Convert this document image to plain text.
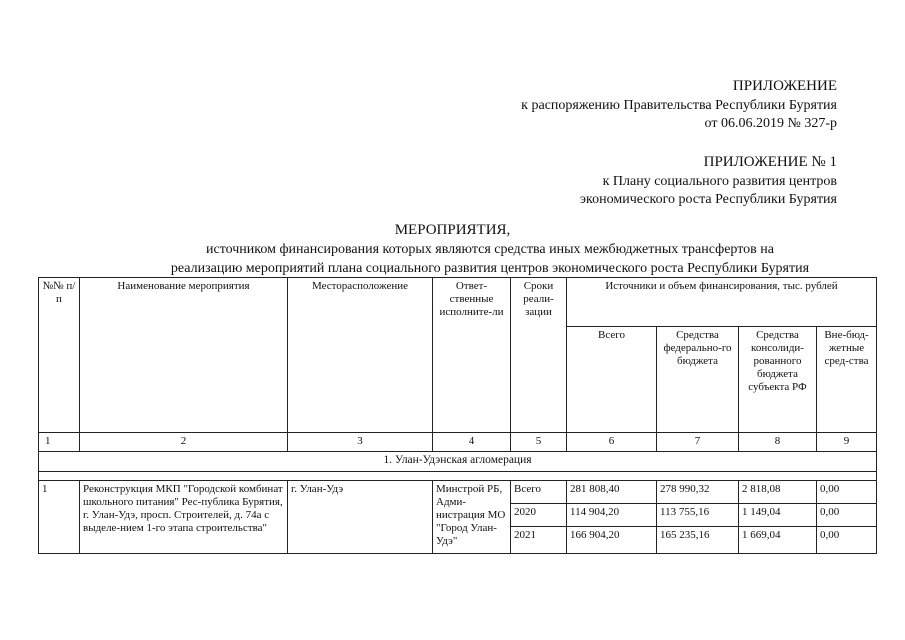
ПРИЛОЖЕНИЕ
к распоряжению Правительства Республики Бурятия
от 06.06.2019 № 327-р
ПРИЛОЖЕНИЕ № 1
к Плану социального развития центров
экономического роста Республики Бурятия
МЕРОПРИЯТИЯ,
источником финансирования которых являются средства иных межбюджетных трансфертов на
реализацию мероприятий плана социального развития центров экономического роста Республики Бурятия
№№ п/п	Наименование мероприятия	Месторасположение	Ответ-ственные исполните-ли	Сроки реали-зации	Источники и объем финансирования, тыс. рублей			
					Всего	Средства федерально-го бюджета	Средства консолиди-рованного бюджета субъекта РФ	Вне-бюд-жетные сред-ства
1	2	3	4	5	6	7	8	9
1. Улан-Удэнская агломерация								

1	Реконструкция МКП "Городской комбинат школьного питания" Рес-публика Бурятия, г. Улан-Удэ, просп. Строителей, д. 74а с выделе-нием 1-го этапа строительства"	г. Улан-Удэ	Минстрой РБ, Адми-нистрация МО "Город Улан-Удэ"	Всего	281 808,40	278 990,32	2 818,08	0,00
				2020	114 904,20	113 755,16	1 149,04	0,00
				2021	166 904,20	165 235,16	1 669,04	0,00
